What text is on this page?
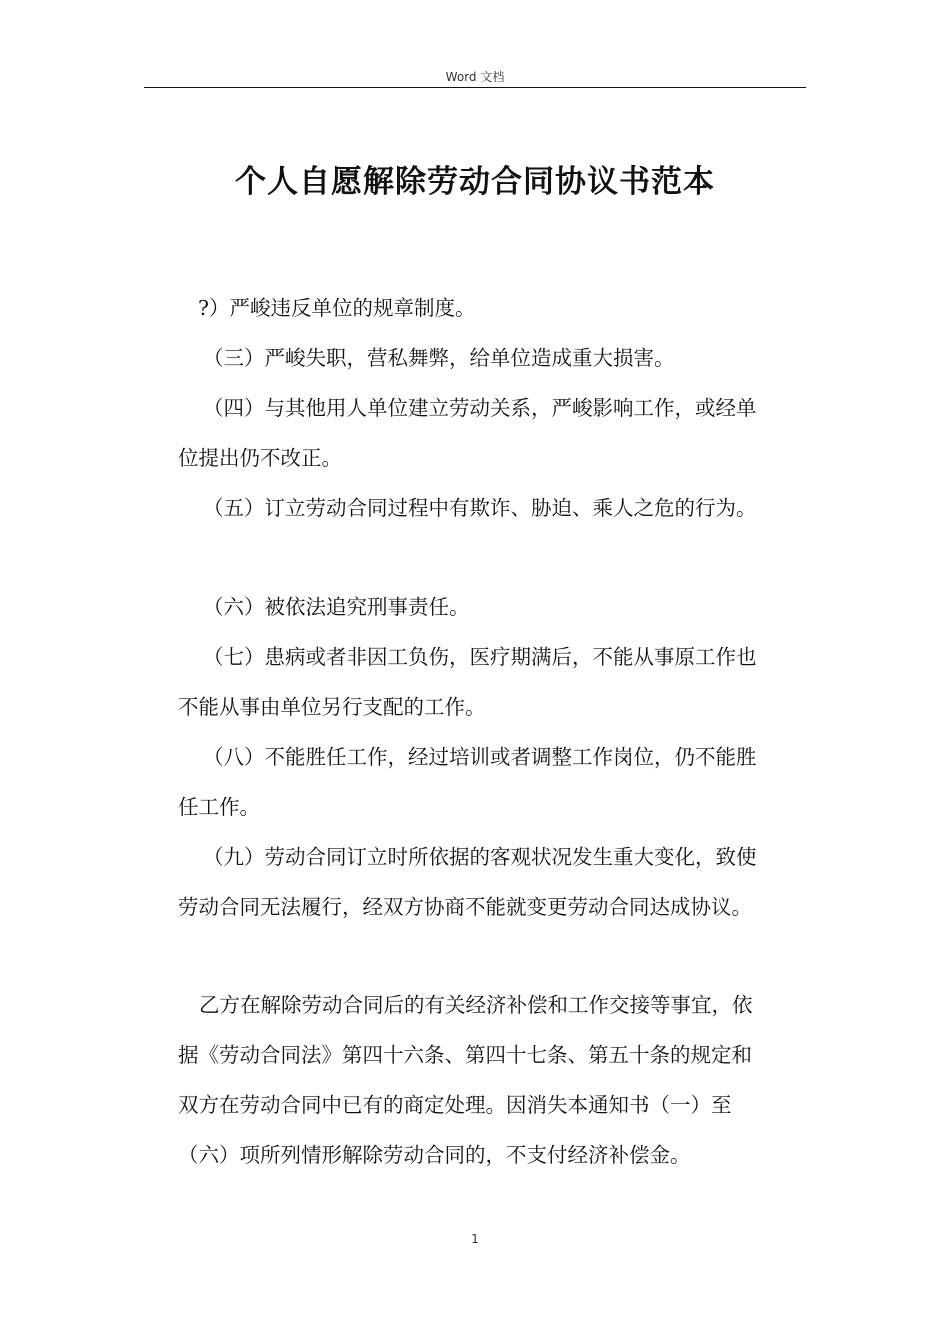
Word 文档
个人自愿解除劳动合同协议书范本
?）严峻违反单位的规章制度。
（三）严峻失职，营私舞弊，给单位造成重大损害。
（四）与其他用人单位建立劳动关系，严峻影响工作，或经单
位提出仍不改正。
（五）订立劳动合同过程中有欺诈、胁迫、乘人之危的行为。
（六）被依法追究刑事责任。
（七）患病或者非因工负伤，医疗期满后，不能从事原工作也
不能从事由单位另行支配的工作。
（八）不能胜任工作，经过培训或者调整工作岗位，仍不能胜
任工作。
（九）劳动合同订立时所依据的客观状况发生重大变化，致使
劳动合同无法履行，经双方协商不能就变更劳动合同达成协议。
乙方在解除劳动合同后的有关经济补偿和工作交接等事宜，依
据《劳动合同法》第四十六条、第四十七条、第五十条的规定和
双方在劳动合同中已有的商定处理。因消失本通知书（一）至
（六）项所列情形解除劳动合同的，不支付经济补偿金。
1
